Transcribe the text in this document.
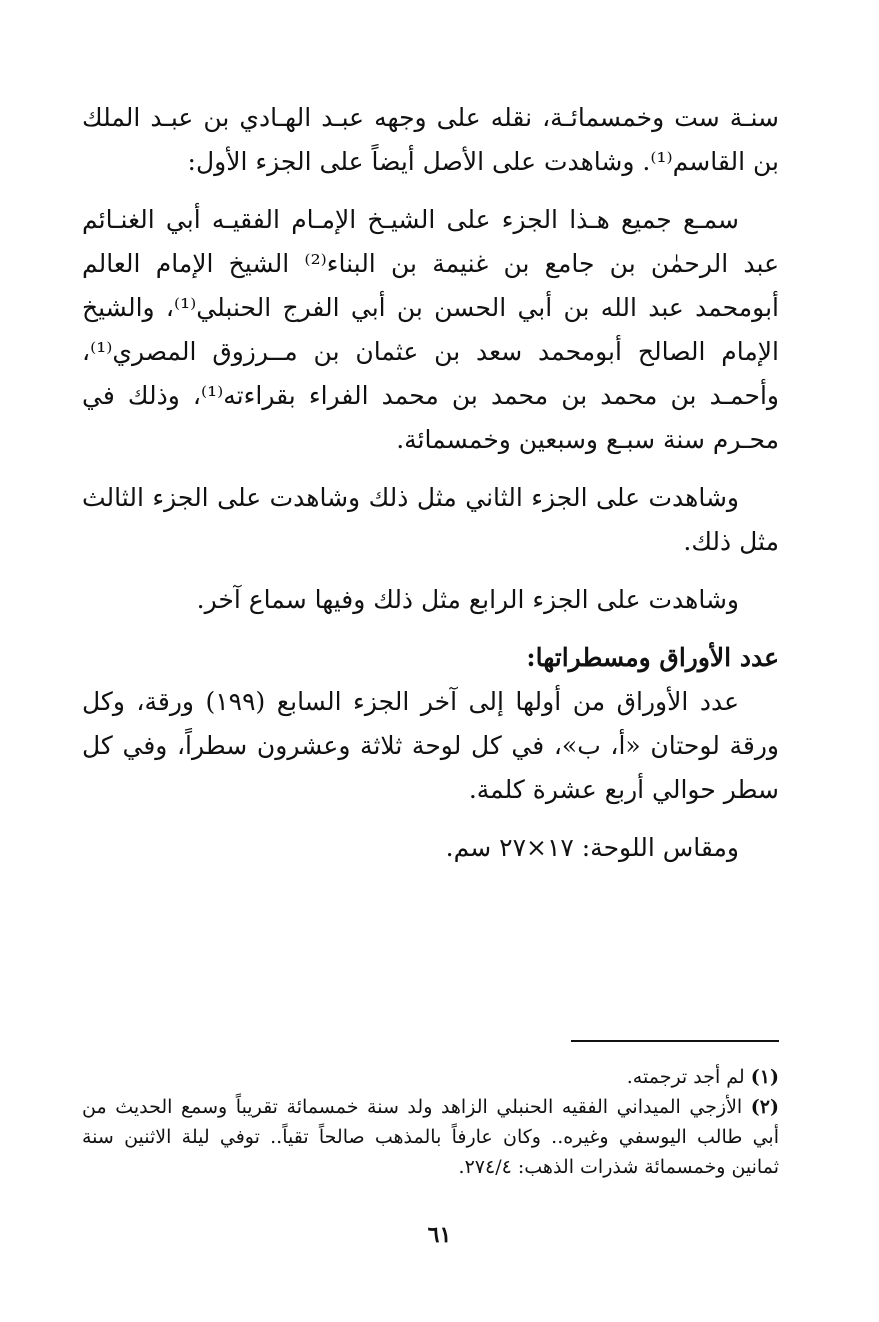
سنـة ست وخمسمائـة، نقله على وجهه عبـد الهـادي بن عبـد الملك بن القاسم⁽¹⁾. وشاهدت على الأصل أيضاً على الجزء الأول:

سمـع جميع هـذا الجزء على الشيـخ الإمـام الفقيـه أبي الغنـائم عبد الرحمٰن بن جامع بن غنيمة بن البناء⁽²⁾ الشيخ الإمام العالم أبومحمد عبد الله بن أبي الحسن بن أبي الفرج الحنبلي⁽¹⁾، والشيخ الإمام الصالح أبومحمد سعد بن عثمان بن مــرزوق المصري⁽¹⁾، وأحمـد بن محمد بن محمد بن محمد الفراء بقراءته⁽¹⁾، وذلك في محـرم سنة سبـع وسبعين وخمسمائة.

وشاهدت على الجزء الثاني مثل ذلك وشاهدت على الجزء الثالث مثل ذلك.

وشاهدت على الجزء الرابع مثل ذلك وفيها سماع آخر.

عدد الأوراق ومسطراتها:

عدد الأوراق من أولها إلى آخر الجزء السابع (١٩٩) ورقة، وكل ورقة لوحتان «أ، ب»، في كل لوحة ثلاثة وعشرون سطراً، وفي كل سطر حوالي أربع عشرة كلمة.

ومقاس اللوحة: ١٧×٢٧ سم.

(١) لم أجد ترجمته.

(٢) الأزجي الميداني الفقيه الحنبلي الزاهد ولد سنة خمسمائة تقريباً وسمع الحديث من أبي طالب اليوسفي وغيره.. وكان عارفاً بالمذهب صالحاً تقياً.. توفي ليلة الاثنين سنة ثمانين وخمسمائة شذرات الذهب: ٢٧٤/٤.

٦١
